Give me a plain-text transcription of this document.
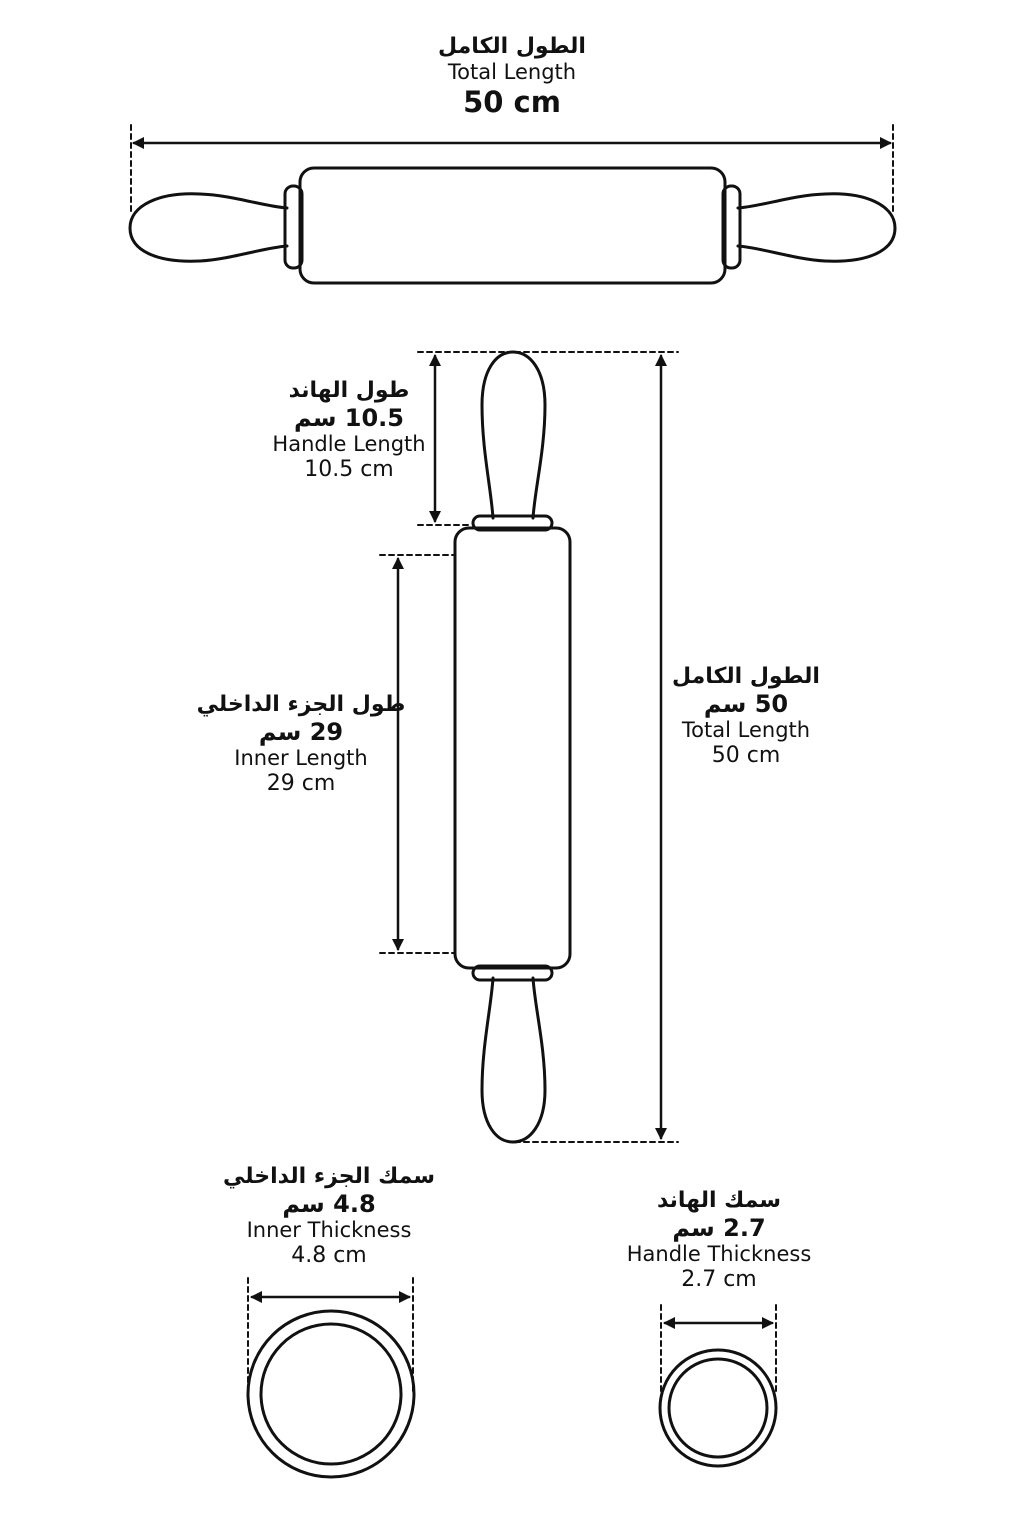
الطول الكامل
Total Length
50 cm
طول الهاند
10.5 سم
Handle Length
10.5 cm
طول الجزء الداخلي
29 سم
Inner Length
29 cm
الطول الكامل
50 سم
Total Length
50 cm
سمك الجزء الداخلي
4.8 سم
Inner Thickness
4.8 cm
سمك الهاند
2.7 سم
Handle Thickness
2.7 cm
